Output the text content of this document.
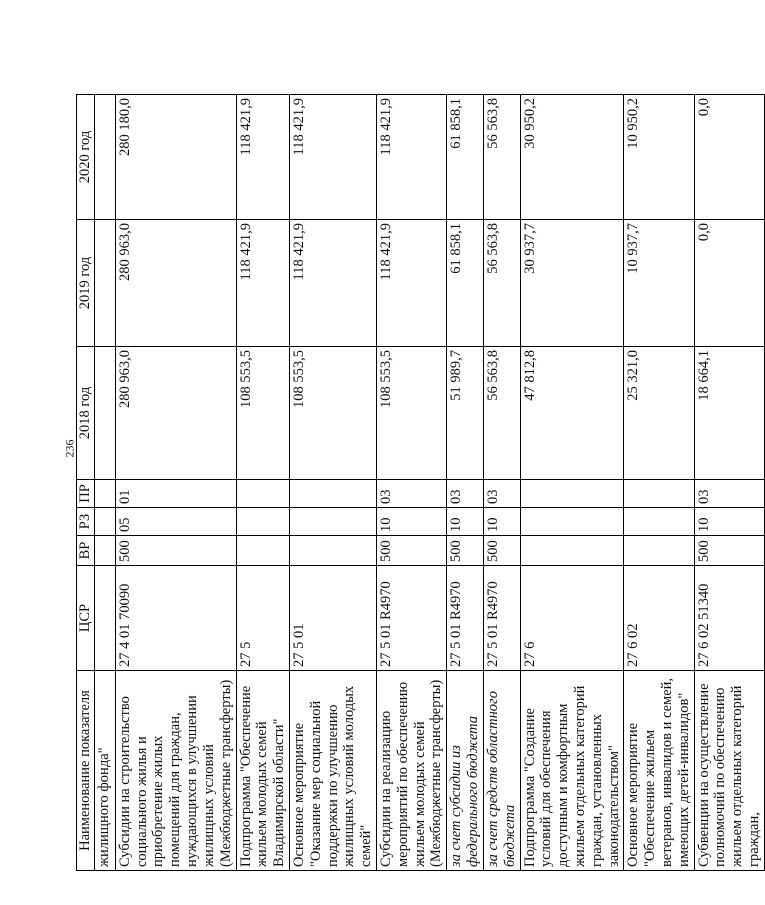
236
Наименование показателя	ЦСР	ВР	РЗ	ПР	2018 год	2019 год	2020 год
жилищного фонда"							
Субсидии на строительство социального жилья и приобретение жилых помещений для граждан, нуждающихся в улучшении жилищных условий (Межбюджетные трансферты)	27 4 01 70090	500	05	01	280 963,0	280 963,0	280 180,0
Подпрограмма "Обеспечение жильем молодых семей Владимирской области"	27 5				108 553,5	118 421,9	118 421,9
Основное мероприятие "Оказание мер социальной поддержки по улучшению жилищных условий молодых семей"	27 5 01				108 553,5	118 421,9	118 421,9
Субсидии на реализацию мероприятий по обеспечению жильем молодых семей (Межбюджетные трансферты)	27 5 01 R4970	500	10	03	108 553,5	118 421,9	118 421,9
за счет субсидии из федерального бюджета	27 5 01 R4970	500	10	03	51 989,7	61 858,1	61 858,1
за счет средств областного бюджета	27 5 01 R4970	500	10	03	56 563,8	56 563,8	56 563,8
Подпрограмма "Создание условий для обеспечения доступным и комфортным жильем отдельных категорий граждан, установленных законодательством"	27 6				47 812,8	30 937,7	30 950,2
Основное мероприятие "Обеспечение жильем ветеранов, инвалидов и семей, имеющих детей-инвалидов"	27 6 02				25 321,0	10 937,7	10 950,2
Субвенции на осуществление полномочий по обеспечению жильем отдельных категорий граждан,	27 6 02 51340	500	10	03	18 664,1	0,0	0,0
